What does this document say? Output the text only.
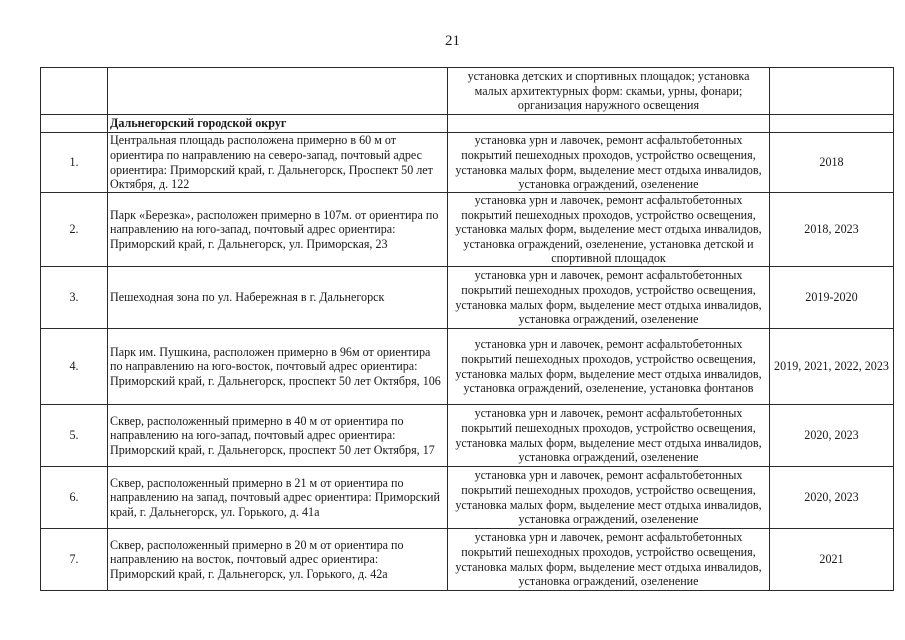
21
		установка детских и спортивных площадок; установка малых архитектурных форм: скамьи, урны, фонари; организация наружного освещения	
	Дальнегорский городской округ		
1.	Центральная площадь расположена примерно в 60 м от ориентира по направлению на северо-запад, почтовый адрес ориентира: Приморский край, г. Дальнегорск, Проспект 50 лет Октября, д. 122	установка урн и лавочек, ремонт асфальтобетонных покрытий пешеходных проходов, устройство освещения, установка малых форм, выделение мест отдыха инвалидов, установка ограждений, озеленение	2018
2.	Парк «Березка», расположен примерно в 107м. от ориентира по направлению на юго-запад, почтовый адрес ориентира: Приморский край, г. Дальнегорск, ул. Приморская, 23	установка урн и лавочек, ремонт асфальтобетонных покрытий пешеходных проходов, устройство освещения, установка малых форм, выделение мест отдыха инвалидов, установка ограждений, озеленение, установка детской и спортивной площадок	2018, 2023
3.	Пешеходная зона по ул. Набережная в г. Дальнегорск	установка урн и лавочек, ремонт асфальтобетонных покрытий пешеходных проходов, устройство освещения, установка малых форм, выделение мест отдыха инвалидов, установка ограждений, озеленение	2019-2020
4.	Парк им. Пушкина, расположен примерно в 96м от ориентира по направлению на юго-восток, почтовый адрес ориентира: Приморский край, г. Дальнегорск, проспект 50 лет Октября, 106	установка урн и лавочек, ремонт асфальтобетонных покрытий пешеходных проходов, устройство освещения, установка малых форм, выделение мест отдыха инвалидов, установка ограждений, озеленение, установка фонтанов	2019, 2021, 2022, 2023
5.	Сквер, расположенный примерно в 40 м от ориентира по направлению на юго-запад, почтовый адрес ориентира: Приморский край, г. Дальнегорск, проспект 50 лет Октября, 17	установка урн и лавочек, ремонт асфальтобетонных покрытий пешеходных проходов, устройство освещения, установка малых форм, выделение мест отдыха инвалидов, установка ограждений, озеленение	2020, 2023
6.	Сквер, расположенный примерно в 21 м от ориентира по направлению на запад, почтовый адрес ориентира: Приморский край, г. Дальнегорск, ул. Горького, д. 41а	установка урн и лавочек, ремонт асфальтобетонных покрытий пешеходных проходов, устройство освещения, установка малых форм, выделение мест отдыха инвалидов, установка ограждений, озеленение	2020, 2023
7.	Сквер, расположенный примерно в 20 м от ориентира по направлению на восток, почтовый адрес ориентира: Приморский край, г. Дальнегорск, ул. Горького, д. 42а	установка урн и лавочек, ремонт асфальтобетонных покрытий пешеходных проходов, устройство освещения, установка малых форм, выделение мест отдыха инвалидов, установка ограждений, озеленение	2021
